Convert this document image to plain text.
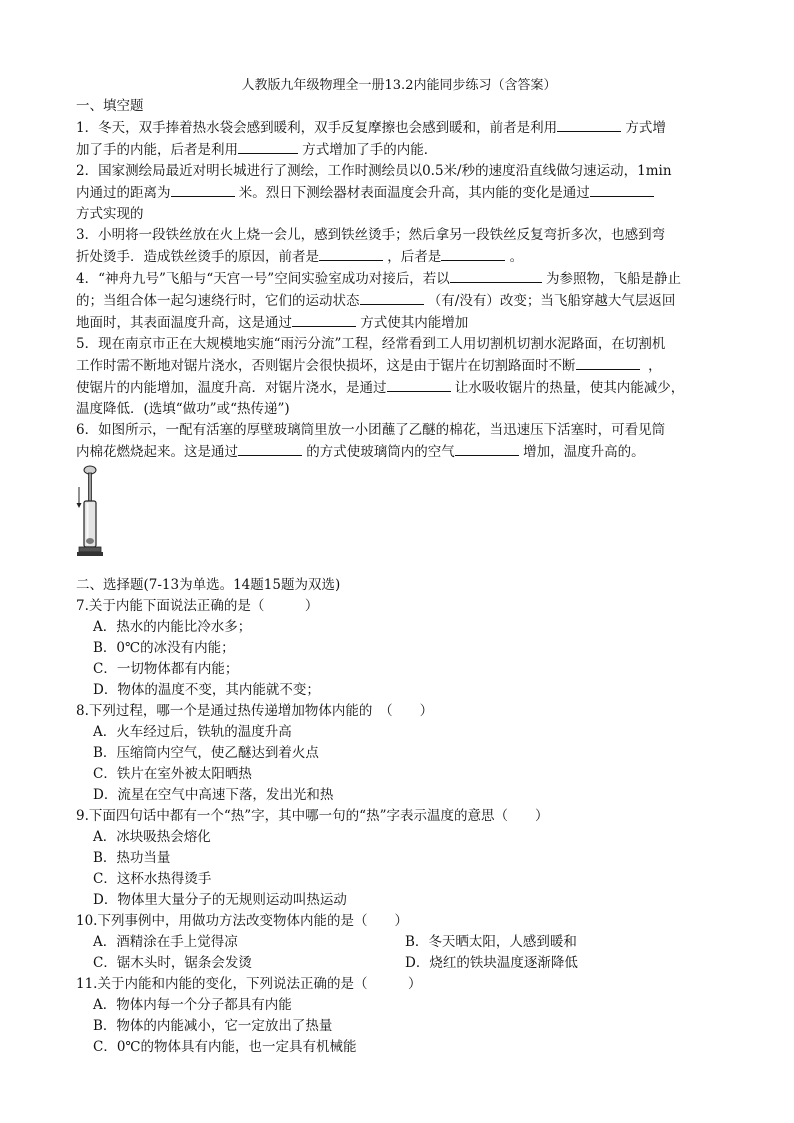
人教版九年级物理全一册13.2内能同步练习（含答案）
一、填空题
1．冬天，双手捧着热水袋会感到暖利，双手反复摩擦也会感到暖和，前者是利用	方式增
加了手的内能，后者是利用	方式增加了手的内能．
2．国家测绘局最近对明长城进行了测绘，工作时测绘员以0.5米/秒的速度沿直线做匀速运动，1min
内通过的距离为	米。烈日下测绘器材表面温度会升高，其内能的变化是通过
方式实现的
3．小明将一段铁丝放在火上烧一会儿，感到铁丝烫手；然后拿另一段铁丝反复弯折多次，也感到弯
折处烫手．造成铁丝烫手的原因，前者是	，后者是	。
4．“神舟九号”飞船与“天宫一号”空间实验室成功对接后，若以	为参照物，飞船是静止
的；当组合体一起匀速绕行时，它们的运动状态	（有/没有）改变；当飞船穿越大气层返回
地面时，其表面温度升高，这是通过	方式使其内能增加
5．现在南京市正在大规模地实施“雨污分流”工程，经常看到工人用切割机切割水泥路面，在切割机
工作时需不断地对锯片浇水，否则锯片会很快损坏，这是由于锯片在切割路面时不断	，
使锯片的内能增加，温度升高．对锯片浇水，是通过	让水吸收锯片的热量，使其内能减少，
温度降低．(选填“做功”或“热传递”)
6．如图所示，一配有活塞的厚壁玻璃筒里放一小团蘸了乙醚的棉花，当迅速压下活塞时，可看见筒
内棉花燃烧起来。这是通过	的方式使玻璃筒内的空气	增加，温度升高的。
二、选择题(7-13为单选。14题15题为双选)
7.关于内能下面说法正确的是（　　　）
A．热水的内能比冷水多；
B．0℃的冰没有内能；
C．一切物体都有内能；
D．物体的温度不变，其内能就不变；
8.下列过程，哪一个是通过热传递增加物体内能的　（　　）
A．火车经过后，铁轨的温度升高
B．压缩筒内空气，使乙醚达到着火点
C．铁片在室外被太阳晒热
D．流星在空气中高速下落，发出光和热
9.下面四句话中都有一个“热”字，其中哪一句的“热”字表示温度的意思（　　）
A．冰块吸热会熔化
B．热功当量
C．这杯水热得烫手
D．物体里大量分子的无规则运动叫热运动
10.下列事例中，用做功方法改变物体内能的是（　　）
A．酒精涂在手上觉得凉	B．冬天晒太阳，人感到暖和
C．锯木头时，锯条会发烫	D．烧红的铁块温度逐渐降低
11.关于内能和内能的变化，下列说法正确的是（　　　）
A．物体内每一个分子都具有内能
B．物体的内能减小，它一定放出了热量
C．0℃的物体具有内能，也一定具有机械能
